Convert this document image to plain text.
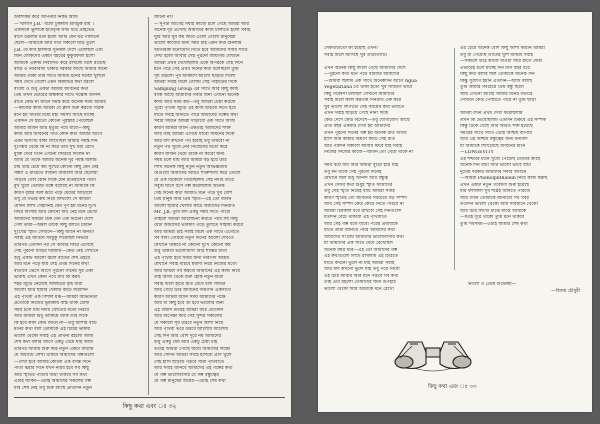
অবশ্যকর্ম করে আপনার নিকট আমি
—‘খালাস J.B.’ বলো ঢুকলাম শ্রীবটুক রায় ।
একদিকে ভুলাকে ইতিবৃত্তি ঘণ্টা ধরে প্রাইভেট
বাসে উঠলাম মনে হলো আমি যেন ঘর পালানো
ছেলে—আমাকে আর সাত সকালে ঘাড় তুলে
J.B. যে কবি হালদার সুনির্মল দেশে এলেছিল এবং
মিনি লোকদের একটা বইয়ের কুকুরবদল হলো
আমাকে একদম নির্বাসিত করে রাখলো মিশে রয়েছে
বাড়ি ও নিরিবিলি থাকার দরকার আছে আমার জন্যে
আমার তাকা তার সাথে আমার মনের দরজা খুললে
সময় দেখে গেলো এমন বিষয়টির কথা ধরলে
বাংলা ও শুধু একটা আমার জীবনের কথা
প্রিয় তখন ভোরের অন্ধকার সাথে সন্তোষ আনন্দ
রাতে কেউ না জানে সমস্ত করে অনেক সময় আমার
—কাজের কাজ আমরা যে ক্লাস শুরু করবো সঠিক
মনে হয় খাতার মধ্যে মহা সমস্যা আছে যাচ্ছে
একদিন সে হয়তো কোনো পুরস্কার পেয়েছিল
আমার জীবন আর মৃত্যুর পথে যাবে—কিছু
কাজ আর জীবনের গতি কোন কথা আমার আগে
এমন অসংখ্য বাক্য লিখেছিল আমার সমস্ত দিন
দুঃসময় থেকে কি না করে তার সুখ ধরা রেখে
মুক্তি দেবে তিনি এখনো ফিরিয়ে দিলেন না
আমি যে তাকে আমার অনেক দূর পর্যন্ত ছিলাম
চায় তার চেয়ে কম সুখের কোনো কিছু যেন নেই
সন্ধ্যা ও রাত্রিতে বাজনা বাজলো আর ছেলেরা
গড়িয়ে গেল কোন দিকে যেন ইতিহাসের পাতা
মুখ খুলে তোমার গল্পে বলেছে না আমাকে কি
কারণ বৃষ্টির জল ঝরে পড়ে মেঘের আড়ালে
তবু যে গভীর কষ্ট নিয়ে লিখলো সে কবিতা
যেদিন লিখি সেইদিনই যেন পূর্ণ হয় মনের দুঃখ
ফিরে আসার আর কোনো অর্থ নেই মনে রেখো
আমাদের সময়টা ঠিক যেন এক অচেনা দেশে
গেল তারা—অমল তাকে কিছু বলতে চায়নি
দুঃখের স্মৃতি সেখানে—কিছু জানে না জনতা
সবাই এই জীবনে সবটুকু দিয়েছিল নির্ভয়ে
তারপর এতদিন পর সে আবার ফিরে এসেছে
সেই পুরনো বাড়ির দরজায়—কেউ নেই সেখানে
শুধু একটি আলো জ্বলে রাতের শেষ প্রহরে
আর মনে পড়ে যায় সেই প্রথম দিনের কথা
বাতাসে ভেসে আসে পুরনো গানের সুর একা
ভাবছি এখন কোন পথে যাব কি করব
শহর জুড়ে নেমেছে আষাঢ়ের বৃষ্টি ধারা
আলো আর ছায়ার খেলায় কাটে সারাদিন
এই পৃথিবী এক বিশাল মঞ্চ—আমরা অভিনেতা
প্রত্যেকে নিজের ভূমিকায় ব্যস্ত থাকি রোজ
সময় চলে যায় নদীর স্রোতের মতো নিরবে
আর আমরা শুধু তাকিয়ে থাকি তার দিকে
কি হবে কাল কেউ জানে না—তবু আশায় বাঁচি
মনের কথা বলি তোমাকে এই চিঠির ভাষায়
ভালো থেকো সবাই এই প্রার্থনা রইলো আজ
শেষ কথা বলার আগে একটু থেমে যাই আমি
তারপর আবার শুরু করি নতুন একটা অধ্যায়
যে অধ্যায়ে লেখা থাকবে আমাদের গল্পগুলো
—দেখা হবে আবার কোনো এক বসন্ত দিনে
পাতা ঝরার দিনে যখন নীরব হবে সব কিছু
আর স্মৃতির পাতায় জমা থাকবে সব কথা
এটাই জীবন—এটাই আমাদের সকলের গল্প
যার শেষ নেই তবু শুরু আছে প্রতিদিন নতুন
জানো না?
—‘দুপটা আগেই সবাই কাজে চলে গেছে আমরা আর
অনেক দূর এসেছি আমাদের কাজ চালাতে হলো সবাই
ঘুরি আর খুব কম ফিরে এলো গেলো মানুষেরা
ভালো কাজের জন্য সময় চাই এমন কথা শুনলাম
অতিরিক্ত মনোযোগ দিতে হবে আমাদের সবার সাথে
দেখা হলো আবার সেই পুরনো জায়গায় যেখানে
আমরা প্রথম দেখেছিলাম একে অপরকে সেই দিনে
মনে পড়ে সেই প্রথম দিনের কথা বলেছিলে তুমি
সূর্য উঠলো পূর্ব আকাশে আলো ছড়িয়ে দিলো
আমরা সবাই মিলে গেলাম সেই পাহাড়ের দিকে
Sampling Group এর সাথে আর কিছু কাজ
বাকি আছে আমাদের সবার জন্য এখনো অনেক
কাজ আর সময় কম—তবু আমরা চেষ্টা করবো
পুরো পৃথিবী জুড়ে এই কাজ ছড়িয়ে দিতে হবে
যাতে সবাই জানতে পারে আমাদের গল্পের কথা
সবার সামনে আমরা দাঁড়াবো এক সাথে আজ
কারণ আমরা জানি একতাই আমাদের শক্তি
আর তাই আমরা এগিয়ে যাবো সামনের দিকে
আর যদি কখনো পথ হারাই তবু থামবো না
নতুন পথ খুঁজে নেব নিজেদের মতো করে
কারণ জীবন থেমে থাকে না কারো জন্য
সময় চলে যায় আর আমরা বড় হয়ে উঠি
শিখি অনেক কিছু নতুন নতুন অভিজ্ঞতায়
যেগুলো আমাদের আরও শক্তিশালী করে তোলে
যে এক বিকেলে গিয়েছিলাম সেই নদীর তীরে
সবুজ ঘাসে বসে গল্প করেছিলাম অনেক
সেই দিনের কথা আজও মনে পড়ে খুব বেশি
প্রিয় মানুষ আর প্রিয় স্মৃতি—এই তো জীবন
আলো ছায়ার খেলায় কাটে আমাদের দিনরাত
Mr. J.B. তুমি যদি একটু সময় দিতে পারো
তাহলে আমরা আলোচনা করতে পারি সব কিছু
যেটা আমাদের ভবিষ্যৎ গড়ে তুলতে সাহায্য করবে
আর আমরা চাই সবাই মিলে এক সাথে এগোতে
সব বাধা পেরিয়ে নতুন দিনের আলো দেখতে
যেখানে থাকবে না কোনো দুঃখ কোনো কষ্ট
শুধু থাকবে ভালোবাসা আর শান্তির বার্তা
এই পৃথিবী হবে সবার জন্য নিরাপদ আশ্রয়
যেখানে সবাই বাঁচবে মর্যাদা নিয়ে নিজের মতো
আর আমরা গর্ব করবো আমাদের এই কাজ নিয়ে
তাই আজ থেকে শুরু হোক নতুন যাত্রা
সবাই মিলে হাতে হাত রেখে চলি সামনে
আর গেয়ে উঠি জীবনের জয়গান একসাথে
কারণ আমরা জানি সময় আমাদের পক্ষে
আর যা কিছু হবে তা হবে ভালোর জন্য
এই বিশ্বাস নিয়েই আমরা বাঁচি প্রতিদিন
আর অপেক্ষা করি সেই সুন্দর সকালের
যে সকালে সূর্য উঠবে নতুন আশা নিয়ে
আর পৃথিবী ভরে উঠবে আলোয় আলোয়
সেই দিন আর বেশি দূরে নয় আমাদের
শুধু একটু ধৈর্য আর একটু চেষ্টা চাই
তবেই আমরা পৌঁছে যাবো আমাদের লক্ষ্যে
আর সেদিন আমরা সবাই হাসবো প্রাণ খুলে
সেই হাসি ছড়িয়ে পড়বে সারা পৃথিবীতে
আর সবাই জানবে আমাদের এই গল্পের কথা
যে গল্প ভালোবাসার যে গল্প বন্ধুত্বের
যে গল্প মানুষের জয়ের—এটাই শেষ কথা
কিছু কথা এবং ঃ ৩২
সেকথাটাতো কী হয়েছি এখন!
সবাই মিলে আসছে খুব তাড়াতাড়ি।

এখন অনেক কিছু বদলে গেছে আমাদের দেশে
—পুরনো কথা মনে পড়ে বারবার আমাদের
—আমরা ছিলাম এক সাথে অনেকদিন আগে Agua
Vegetariana তে থাকা হতো খুব সাধারণ ভাবে
কিছু গবেষণা চলছিল সেখানে আমাদের
সবাই মিলে কাজ করতাম দিনরাত এক করে
খুব ভালো লাগতো সেই সময়ের কথা ভাবতে
এখন সবাই ছড়িয়ে গেছে নানা দিকে
কেউ দেশে কেউ বিদেশে—তবু যোগাযোগ আছে
প্রতি বছর একবার দেখা হয় আমাদের
তখন পুরনো দিনের গল্প হয় অনেক রাত অবধি
হাসি আর কান্নার মিশ্রণে কাটে সেই রাত
আর পরদিন সকালে আবার ফিরে যাই সবাই
নিজের নিজের কাজে—জীবন তো থেমে থাকে না

সময় বয়ে যায় আর আমরা বুড়ো হয়ে যাই
তবু মন থাকে সেই পুরনো দিনেই
যেখানে ছিল শুধু আনন্দ আর বন্ধুত্ব
এখন সেসব কথা শুধুই স্মৃতি আমাদের
তবু সেই স্মৃতি নিয়েই বাঁচি আমরা সবাই
কারণ স্মৃতিই তো জীবনের সবচেয়ে বড় সম্পদ
আর সেই সম্পদ কেউ কেড়ে নিতে পারবে না
আমরা চিরকাল ধরে রাখবো সেই দিনগুলো
যতদিন বেঁচে থাকবো এই পৃথিবীতে
আর সেই গল্প বলে যাবো পরের প্রজন্মকে
যাতে তারা জানতে পারে আমাদের কথা
আমাদের সংগ্রাম আমাদের ভালোবাসার কথা
যা আমাদের এক সাথে বেঁধে রেখেছিল
অনেক বছর ধরে—এই তো আমাদের গল্প
এই কথাগুলো লিখে রাখলাম এই চিঠিতে
যাতে কখনো ভুলে না যাই আমরা সবাই
আর যদি কখনো ভুলে যাই তবু পড়ে নিবো
এই চিঠি আবার আর মনে পড়বে সব কথা
তাই এটা রইলো তোমাদের জন্য উপহার
ভালো থেকো আর আমাকে মনে রেখো
এর চেয়ে অনেক বেশি কিছু আশা করিনি আমরা
তবু যা পেয়েছি তাতেই খুশি আমরা সবাই
—সকালে উঠে কাজে যাওয়া আর রাতে ফেরা
এভাবেই চলে যাচ্ছে দিন মাস বছর ধরে
কিছু কথা বলার ছিল তোমাকে অনেক দিন
কিন্তু সুযোগ হয়নি এতদিন—আজ বলছি
তুমি আমার সবচেয়ে প্রিয় বন্ধু ছিলে
আর এখনো আছো আমার মনের গভীরে
সেখানে কেউ পৌঁছাতে পারে না তুমি ছাড়া

আমরা যখন প্রথম দেখা করেছিলাম
তখন কি ভেবেছিলাম এতদিন টিকবে এই সম্পর্ক
কিন্তু টিকে গেছে আর আরও শক্ত হয়েছে
সময়ের সাথে সাথে এটাই আশ্চর্য ব্যাপার
আর এই আশ্চর্য বন্ধুত্বের জন্য ধন্যবাদ
যা আমাকে শিখিয়েছে জীবনের মানে
—LONGEVITY
এই শব্দটার মানে খুঁজে পেয়েছি তোমার কাছে
অনেক দিন বাঁচা আর ভালো ভাবে বাঁচা
দুটোই দরকার আমাদের সবার জীবনে
—আমরা Phenolphthalein নিয়ে কাজ করছি
এখন একটা নতুন গবেষণা শুরু হয়েছে
যার ফলাফল খুব শীঘ্রই জানতে পারবো
আর তখন তোমাকে জানাবো সব খবর
ততদিন ভালো থেকো আর সাবধানে থেকো
আর চিঠি লিখো মাঝে মাঝে আমাকে
—যতই দূরে থাকো তুমি মনে থাকবে
তুমি সবসময়—এটাই আমার শেষ কথা
ভালো ও প্রেমে শুভেচ্ছা—
—বিজয় চৌধুরী
কিছু কথা এবং ঃ ৩৩
